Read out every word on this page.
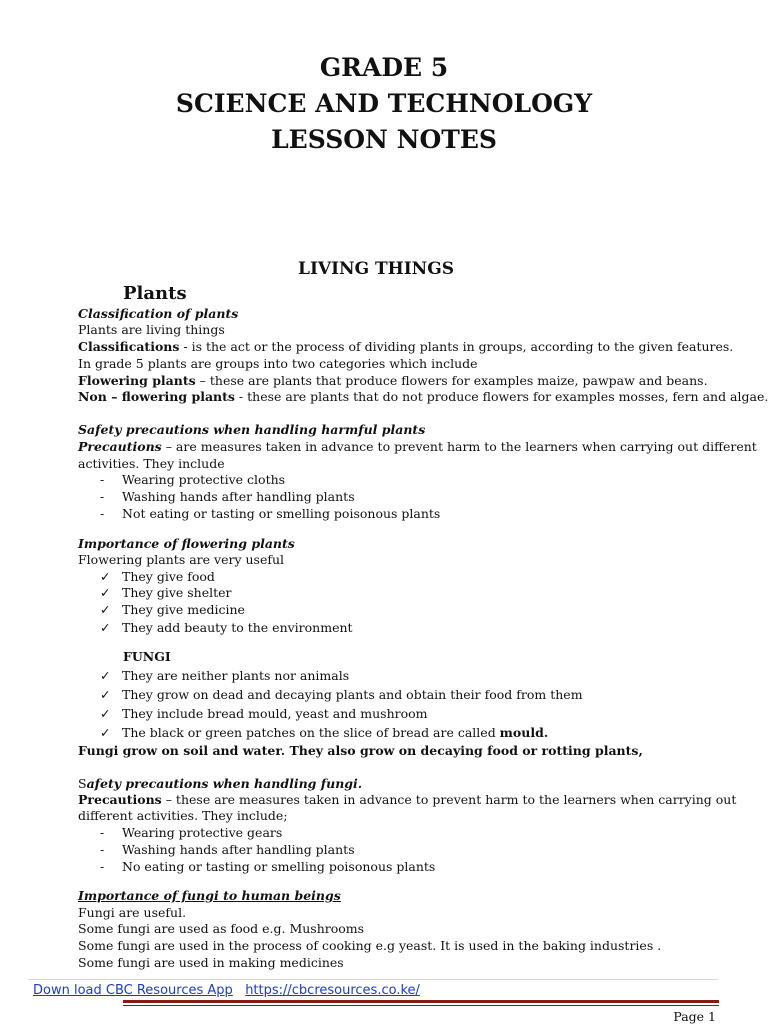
GRADE 5
SCIENCE AND TECHNOLOGY
LESSON NOTES
LIVING THINGS
Plants
Classification of plants
Plants are living things
Classifications - is the act or the process of dividing plants in groups, according to the given features.
In grade 5 plants are groups into two categories which include
Flowering plants – these are plants that produce flowers for examples maize, pawpaw and beans.
Non – flowering plants - these are plants that do not produce flowers for examples mosses, fern and algae.
Safety precautions when handling harmful plants
Precautions – are measures taken in advance to prevent harm to the learners when carrying out different
activities. They include
- Wearing protective cloths
- Washing hands after handling plants
- Not eating or tasting or smelling poisonous plants
Importance of flowering plants
Flowering plants are very useful
✓ They give food
✓ They give shelter
✓ They give medicine
✓ They add beauty to the environment
FUNGI
✓ They are neither plants nor animals
✓ They grow on dead and decaying plants and obtain their food from them
✓ They include bread mould, yeast and mushroom
✓ The black or green patches on the slice of bread are called mould.
Fungi grow on soil and water. They also grow on decaying food or rotting plants,
Safety precautions when handling fungi.
Precautions – these are measures taken in advance to prevent harm to the learners when carrying out
different activities. They include;
- Wearing protective gears
- Washing hands after handling plants
- No eating or tasting or smelling poisonous plants
Importance of fungi to human beings
Fungi are useful.
Some fungi are used as food e.g. Mushrooms
Some fungi are used in the process of cooking e.g yeast. It is used in the baking industries .
Some fungi are used in making medicines
Down load CBC Resources App https://cbcresources.co.ke/
Page 1
